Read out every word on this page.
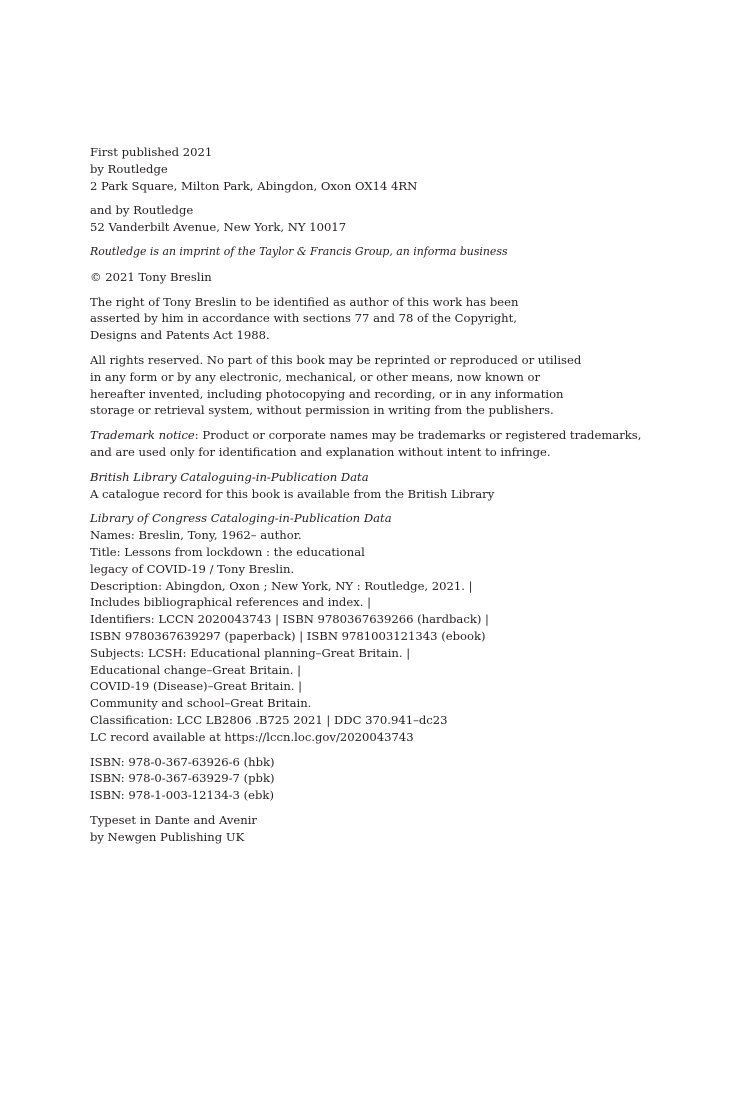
First published 2021
by Routledge
2 Park Square, Milton Park, Abingdon, Oxon OX14 4RN
and by Routledge
52 Vanderbilt Avenue, New York, NY 10017
Routledge is an imprint of the Taylor & Francis Group, an informa business
© 2021 Tony Breslin
The right of Tony Breslin to be identified as author of this work has been
asserted by him in accordance with sections 77 and 78 of the Copyright,
Designs and Patents Act 1988.
All rights reserved. No part of this book may be reprinted or reproduced or utilised
in any form or by any electronic, mechanical, or other means, now known or
hereafter invented, including photocopying and recording, or in any information
storage or retrieval system, without permission in writing from the publishers.
Trademark notice: Product or corporate names may be trademarks or registered trademarks,
and are used only for identification and explanation without intent to infringe.
British Library Cataloguing-in-Publication Data
A catalogue record for this book is available from the British Library
Library of Congress Cataloging-in-Publication Data
Names: Breslin, Tony, 1962– author.
Title: Lessons from lockdown : the educational
legacy of COVID-19 / Tony Breslin.
Description: Abingdon, Oxon ; New York, NY : Routledge, 2021. |
Includes bibliographical references and index. |
Identifiers: LCCN 2020043743 | ISBN 9780367639266 (hardback) |
ISBN 9780367639297 (paperback) | ISBN 9781003121343 (ebook)
Subjects: LCSH: Educational planning–Great Britain. |
Educational change–Great Britain. |
COVID-19 (Disease)–Great Britain. |
Community and school–Great Britain.
Classification: LCC LB2806 .B725 2021 | DDC 370.941–dc23
LC record available at https://lccn.loc.gov/2020043743
ISBN: 978-0-367-63926-6 (hbk)
ISBN: 978-0-367-63929-7 (pbk)
ISBN: 978-1-003-12134-3 (ebk)
Typeset in Dante and Avenir
by Newgen Publishing UK
